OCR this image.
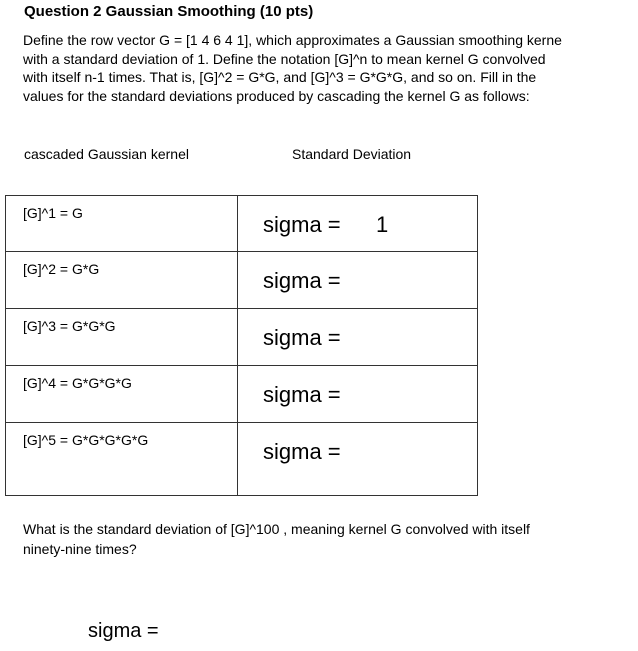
Question 2 Gaussian Smoothing (10 pts)
Define the row vector G = [1 4 6 4 1], which approximates a Gaussian smoothing kerne
with a standard deviation of 1. Define the notation [G]^n to mean kernel G convolved
with itself n-1 times. That is, [G]^2 = G*G, and [G]^3 = G*G*G, and so on. Fill in the
values for the standard deviations produced by cascading the kernel G as follows:
cascaded Gaussian kernel	Standard Deviation
[G]^1 = G	sigma = 1

[G]^2 = G*G	sigma =

[G]^3 = G*G*G	sigma =

[G]^4 = G*G*G*G	sigma =

[G]^5 = G*G*G*G*G	sigma =
What is the standard deviation of [G]^100 , meaning kernel G convolved with itself
ninety-nine times?
sigma =
